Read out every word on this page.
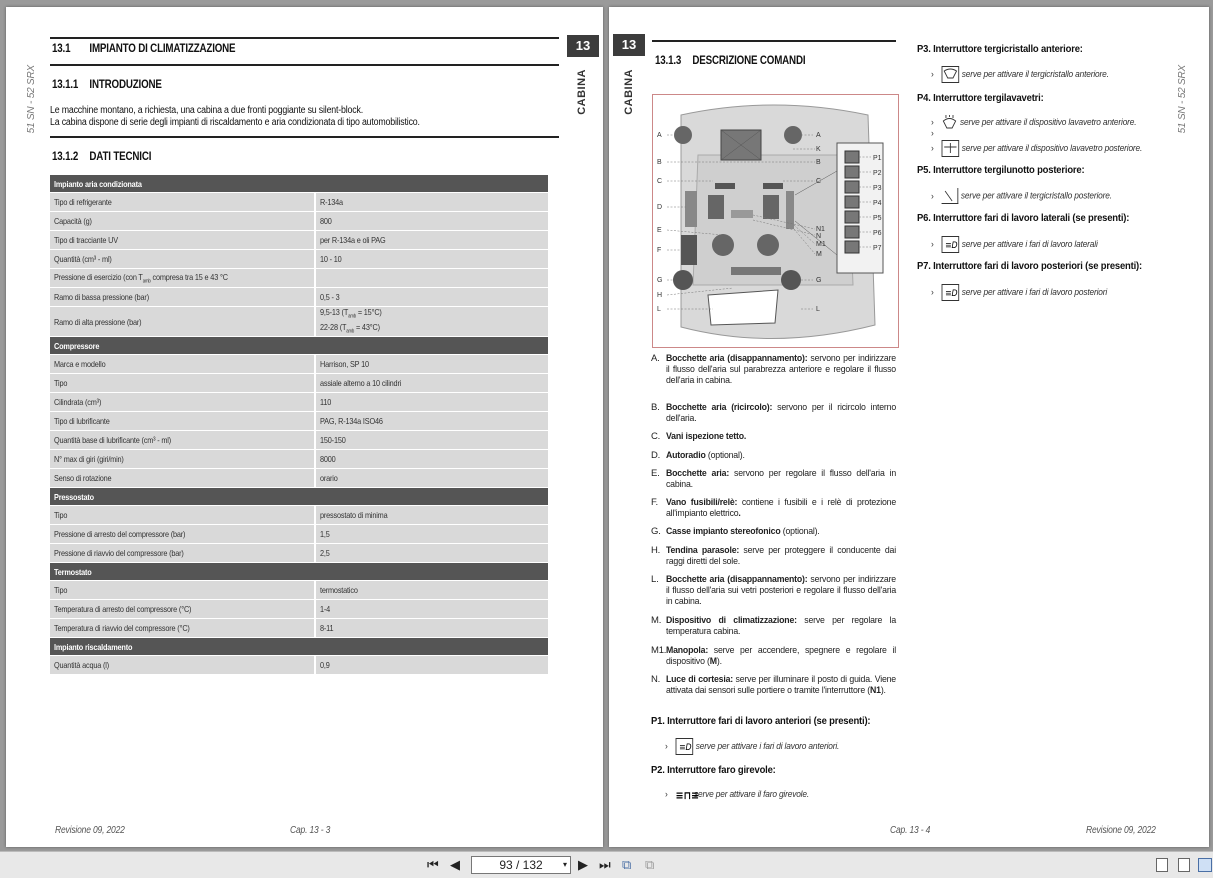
51 SN - 52 SRX
13
CABINA
13.1 IMPIANTO DI CLIMATIZZAZIONE
13.1.1 INTRODUZIONE
Le macchine montano, a richiesta, una cabina a due fronti poggiante su silent-block.
La cabina dispone di serie degli impianti di riscaldamento e aria condizionata di tipo automobilistico.
13.1.2 DATI TECNICI
Impianto aria condizionata	
Tipo di refrigerante	R-134a
Capacità (g)	800
Tipo di tracciante UV	per R-134a e oli PAG
Quantità (cm³ - ml)	10 - 10
Pressione di esercizio (con $T_{amb}$ compresa tra 15 e 43 °C	
Ramo di bassa pressione (bar)	0,5 - 3
Ramo di alta pressione (bar)	9,5-13 $(T_{amb} = 15^\circ C)$
22-28 $(T_{amb} = 43^\circ C)$
Compressore	
Marca e modello	Harrison, SP 10
Tipo	assiale alterno a 10 cilindri
Cilindrata (cm³)	110
Tipo di lubrificante	PAG, R-134a ISO46
Quantità base di lubrificante (cm³ - ml)	150-150
N° max di giri (giri/min)	8000
Senso di rotazione	orario
Pressostato	
Tipo	pressostato di minima
Pressione di arresto del compressore (bar)	1,5
Pressione di riavvio del compressore (bar)	2,5
Termostato	
Tipo	termostatico
Temperatura di arresto del compressore (°C)	1-4
Temperatura di riavvio del compressore (°C)	8-11
Impianto riscaldamento	
Quantità acqua (l)	0,9
Revisione 09, 2022	Cap. 13 - 3
13
CABINA	51 SN - 52 SRX
13.1.3 DESCRIZIONE COMANDI
A
B
C
D
E
F
G
H
L
A
K
B
C
N1
N
M1
M
G
L
P1
P2
P3
P4
P5
P6
P7
A. Bocchette aria (disappannamento): servono per indirizzare il flusso dell'aria sul parabrezza anteriore e regolare il flusso dell'aria in cabina.
B. Bocchette aria (ricircolo): servono per il ricircolo interno dell'aria.
C. Vani ispezione tetto.
D. Autoradio (optional).
E. Bocchette aria: servono per regolare il flusso dell'aria in cabina.
F. Vano fusibili/relè: contiene i fusibili e i relè di protezione all'impianto elettrico.
G. Casse impianto stereofonico (optional).
H. Tendina parasole: serve per proteggere il conducente dai raggi diretti del sole.
L. Bocchette aria (disappannamento): servono per indirizzare il flusso dell'aria sui vetri posteriori e regolare il flusso dell'aria in cabina.
M. Dispositivo di climatizzazione: serve per regolare la temperatura cabina.
M1. Manopola: serve per accendere, spegnere e regolare il dispositivo (M).
N. Luce di cortesia: serve per illuminare il posto di guida. Viene attivata dai sensori sulle portiere o tramite l'interruttore (N1).
P1. Interruttore fari di lavoro anteriori (se presenti):
› ≡D serve per attivare i fari di lavoro anteriori.
P2. Interruttore faro girevole:
› ≡⊓≡
serve per attivare il faro girevole.
P3. Interruttore tergicristallo anteriore:
›	serve per attivare il tergicristallo anteriore.
P4. Interruttore tergilavavetri:
›	serve per attivare il dispositivo lavavetro anteriore.
›
›	serve per attivare il dispositivo lavavetro posteriore.
P5. Interruttore tergilunotto posteriore:
›	serve per attivare il tergicristallo posteriore.
P6. Interruttore fari di lavoro laterali (se presenti):
› ≡D serve per attivare i fari di lavoro laterali
P7. Interruttore fari di lavoro posteriori (se presenti):
› ≡D serve per attivare i fari di lavoro posteriori
Cap. 13 - 4	Revisione 09, 2022
⏮ ◀	93 / 132	▾ ▶ ⏭ ⧉ ⧉
